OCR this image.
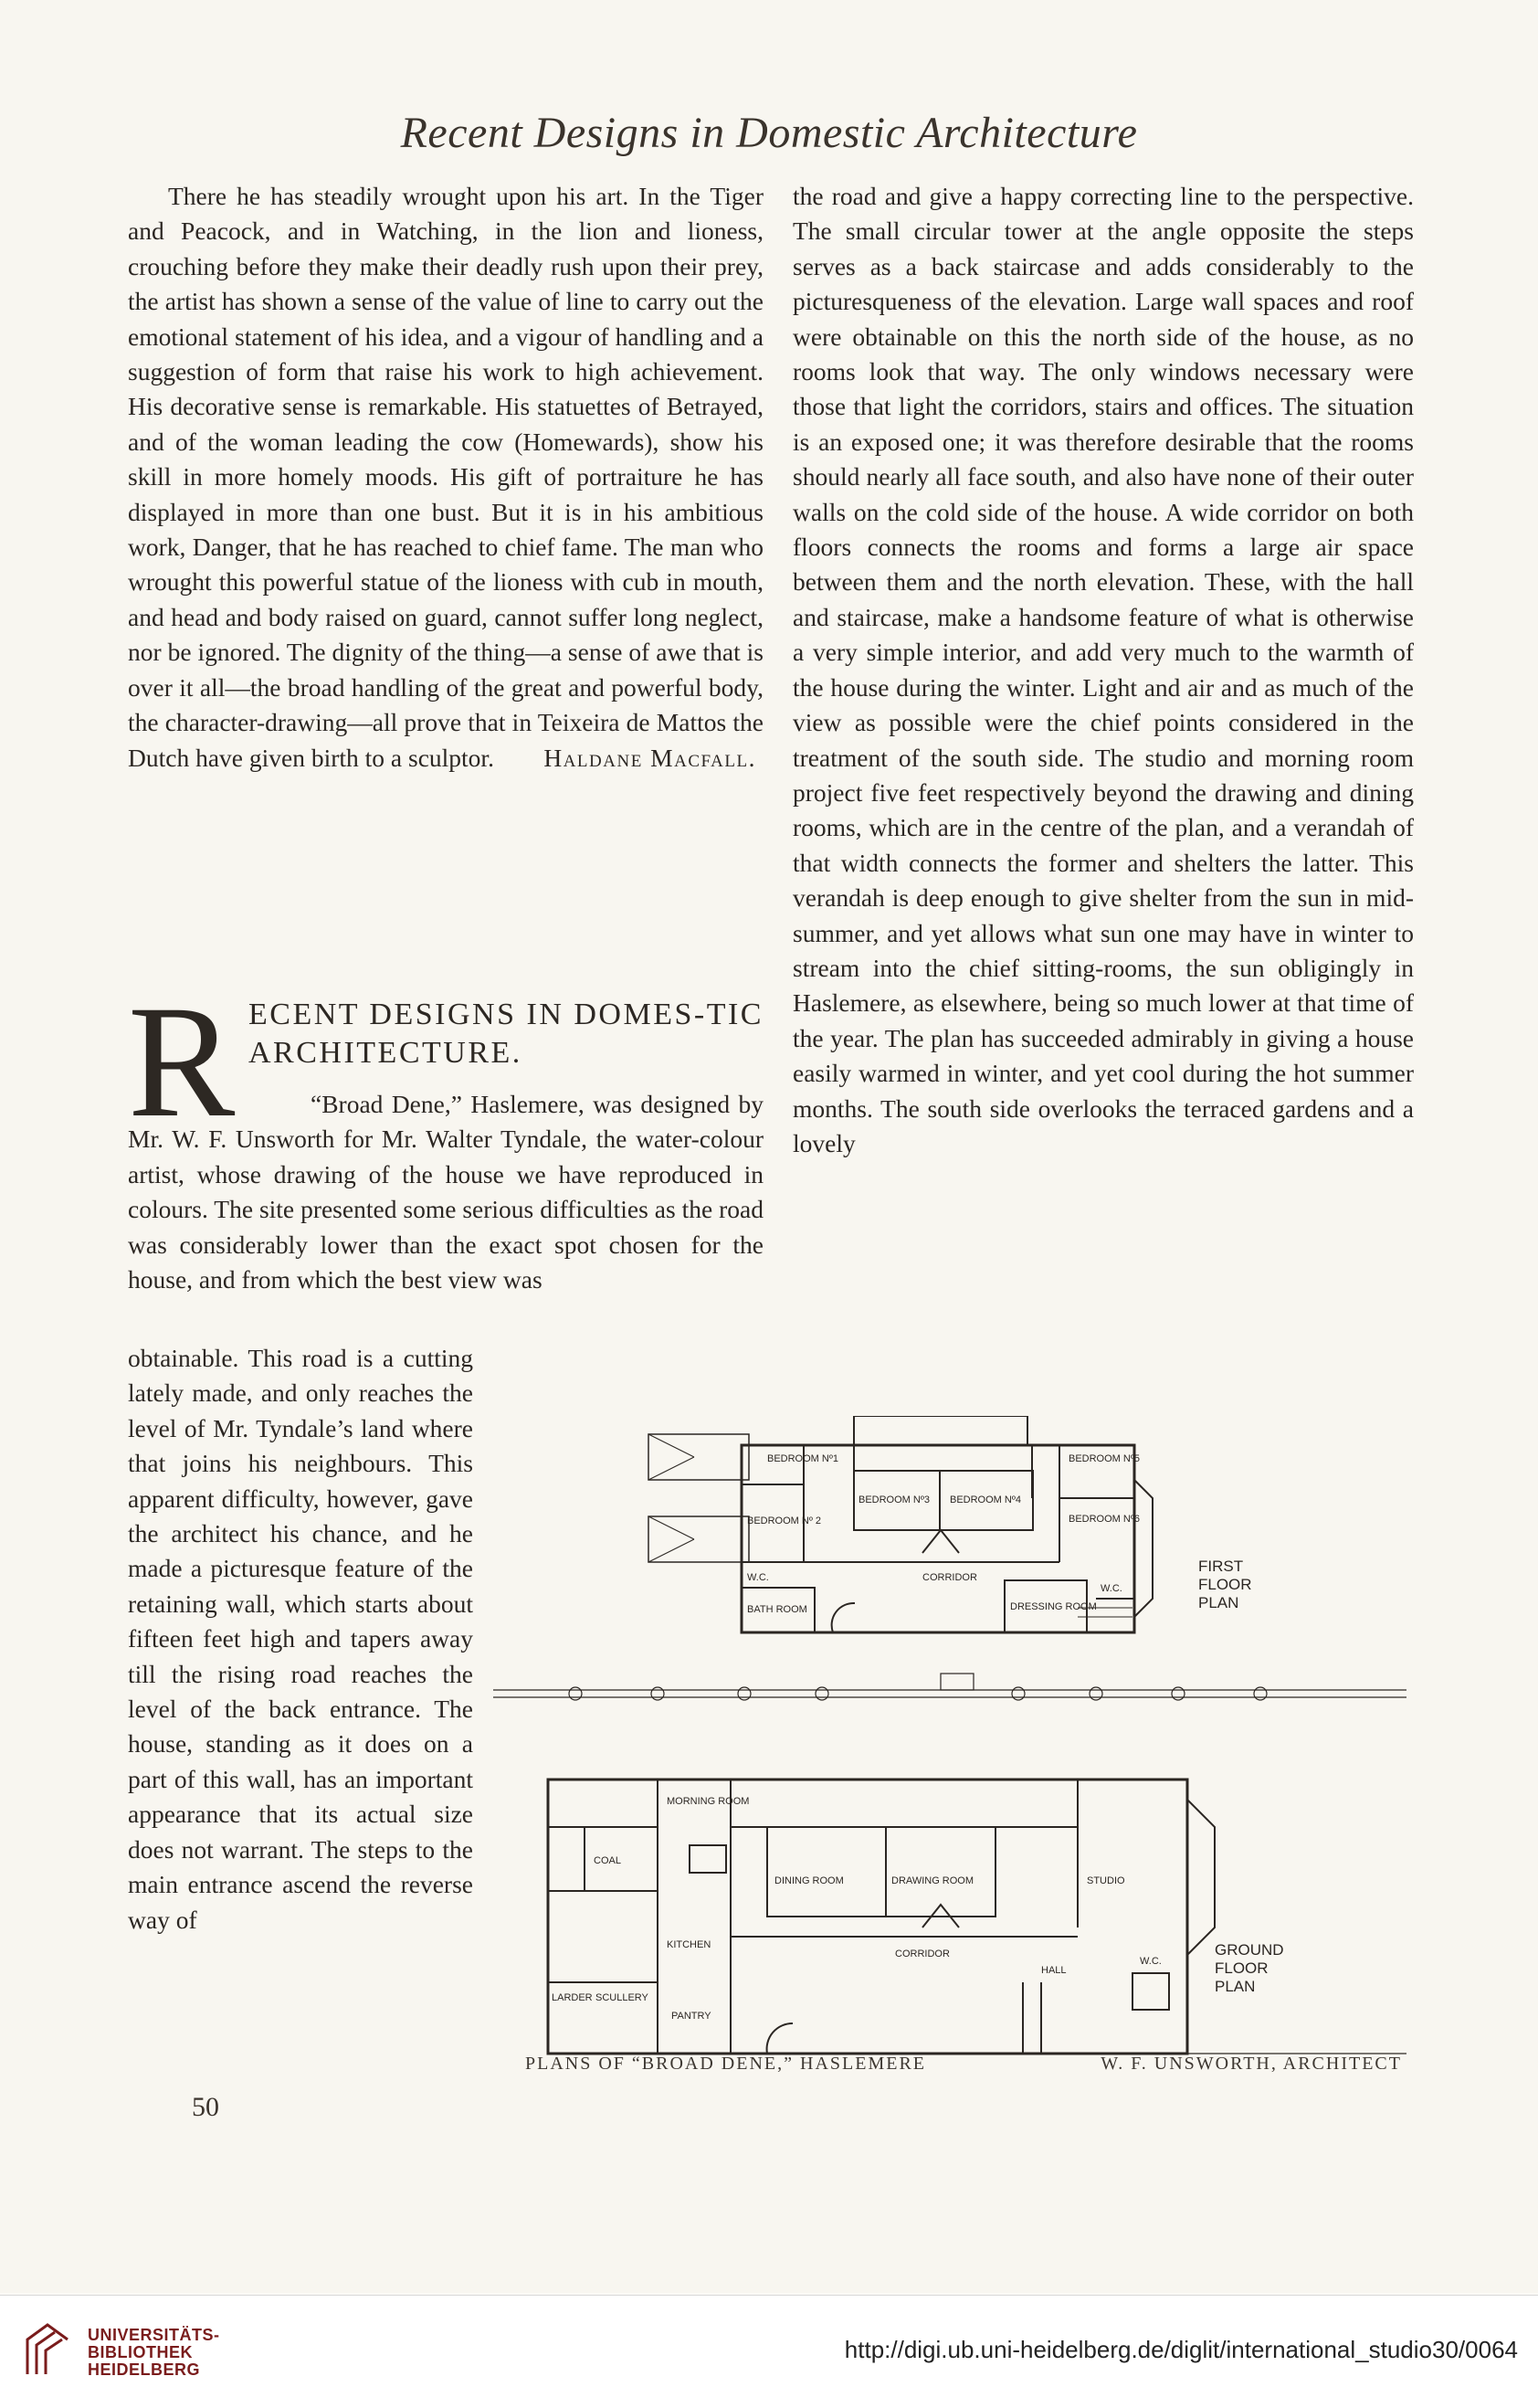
Recent Designs in Domestic Architecture

There he has steadily wrought upon his art. In the Tiger and Peacock, and in Watching, in the lion and lioness, crouching before they make their deadly rush upon their prey, the artist has shown a sense of the value of line to carry out the emotional statement of his idea, and a vigour of handling and a suggestion of form that raise his work to high achievement. His decorative sense is remarkable. His statuettes of Betrayed, and of the woman leading the cow (Homewards), show his skill in more homely moods. His gift of portraiture he has displayed in more than one bust. But it is in his ambitious work, Danger, that he has reached to chief fame. The man who wrought this powerful statue of the lioness with cub in mouth, and head and body raised on guard, cannot suffer long neglect, nor be ignored. The dignity of the thing—a sense of awe that is over it all—the broad handling of the great and powerful body, the character-drawing—all prove that in Teixeira de Mattos the Dutch have given birth to a sculptor.	Haldane Macfall.
R ECENT DESIGNS IN DOMES-TIC ARCHITECTURE.

“Broad Dene,” Haslemere, was designed by Mr. W. F. Unsworth for Mr. Walter Tyndale, the water-colour artist, whose drawing of the house we have reproduced in colours. The site presented some serious difficulties as the road was considerably lower than the exact spot chosen for the house, and from which the best view was

obtainable. This road is a cutting lately made, and only reaches the level of Mr. Tyndale’s land where that joins his neighbours. This apparent difficulty, however, gave the architect his chance, and he made a picturesque feature of the retaining wall, which starts about fifteen feet high and tapers away till the rising road reaches the level of the back entrance. The house, standing as it does on a part of this wall, has an important appearance that its actual size does not warrant. The steps to the main entrance ascend the reverse way of

the road and give a happy correcting line to the perspective. The small circular tower at the angle opposite the steps serves as a back staircase and adds considerably to the picturesqueness of the elevation. Large wall spaces and roof were obtainable on this the north side of the house, as no rooms look that way. The only windows necessary were those that light the corridors, stairs and offices. The situation is an exposed one; it was therefore desirable that the rooms should nearly all face south, and also have none of their outer walls on the cold side of the house. A wide corridor on both floors connects the rooms and forms a large air space between them and the north elevation. These, with the hall and staircase, make a handsome feature of what is otherwise a very simple interior, and add very much to the warmth of the house during the winter. Light and air and as much of the view as possible were the chief points considered in the treatment of the south side. The studio and morning room project five feet respectively beyond the drawing and dining rooms, which are in the centre of the plan, and a verandah of that width connects the former and shelters the latter. This verandah is deep enough to give shelter from the sun in mid-summer, and yet allows what sun one may have in winter to stream into the chief sitting-rooms, the sun obligingly in Haslemere, as elsewhere, being so much lower at that time of the year. The plan has succeeded admirably in giving a house easily warmed in winter, and yet cool during the hot summer months. The south side overlooks the terraced gardens and a lovely

BEDROOM Nº1
BEDROOM Nº3 BEDROOM Nº4
BEDROOM Nº5
BEDROOM Nº 2	BEDROOM Nº6
CORRIDOR
W.C.
W.C.
BATH ROOM	DRESSING ROOM
FIRST
FLOOR
PLAN
MORNING ROOM
COAL
DINING ROOM	DRAWING ROOM	STUDIO
KITCHEN
CORRIDOR
HALL
W.C.
LARDER SCULLERY
PANTRY
GROUND
FLOOR
PLAN
PLANS OF “BROAD DENE,” HASLEMERE	W. F. UNSWORTH, ARCHITECT
50
UNIVERSITÄTS-
BIBLIOTHEK
HEIDELBERG
http://digi.ub.uni-heidelberg.de/diglit/international_studio30/0064
